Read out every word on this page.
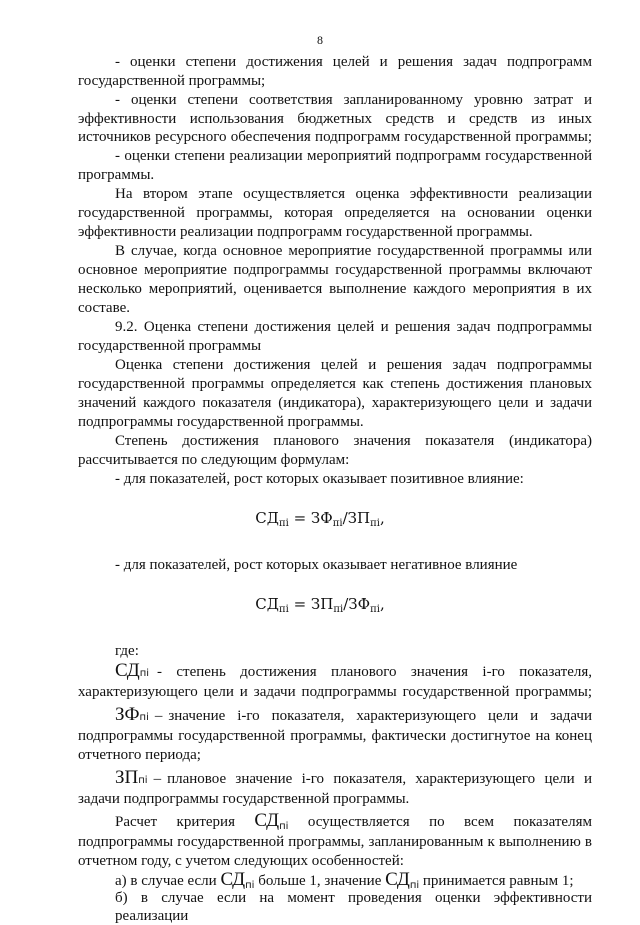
8
- оценки степени достижения целей и решения задач подпрограмм
государственной программы;
- оценки степени соответствия запланированному уровню затрат и
эффективности использования бюджетных средств и средств из иных
источников ресурсного обеспечения подпрограмм государственной программы;
- оценки степени реализации мероприятий подпрограмм государственной
программы.
На втором этапе осуществляется оценка эффективности реализации
государственной программы, которая определяется на основании оценки
эффективности реализации подпрограмм государственной программы.
В случае, когда основное мероприятие государственной программы или
основное мероприятие подпрограммы государственной программы включают
несколько мероприятий, оценивается выполнение каждого мероприятия в их
составе.
9.2. Оценка степени достижения целей и решения задач подпрограммы
государственной программы
Оценка степени достижения целей и решения задач подпрограммы
государственной программы определяется как степень достижения плановых
значений каждого показателя (индикатора), характеризующего цели и задачи
подпрограммы государственной программы.
Степень достижения планового значения показателя (индикатора)
рассчитывается по следующим формулам:
- для показателей, рост которых оказывает позитивное влияние:
$СД_{пi} = ЗФ_{пi}/ЗП_{пi}$,
- для показателей, рост которых оказывает негативное влияние
$СД_{пi} = ЗП_{пi}/ЗФ_{пi}$,
где:
$СД_{пi}$ - степень достижения планового значения i-го показателя,
характеризующего цели и задачи подпрограммы государственной программы;
$ЗФ_{пi}$ – значение i-го показателя, характеризующего цели и задачи
подпрограммы государственной программы, фактически достигнутое на конец
отчетного периода;
$ЗП_{пi}$ – плановое значение i-го показателя, характеризующего цели и
задачи подпрограммы государственной программы.
Расчет критерия $СД_{пi}$ осуществляется по всем показателям
подпрограммы государственной программы, запланированным к выполнению в
отчетном году, с учетом следующих особенностей:
а) в случае если $СД_{пi}$ больше 1, значение $СД_{пi}$ принимается равным 1;
б) в случае если на момент проведения оценки эффективности реализации
